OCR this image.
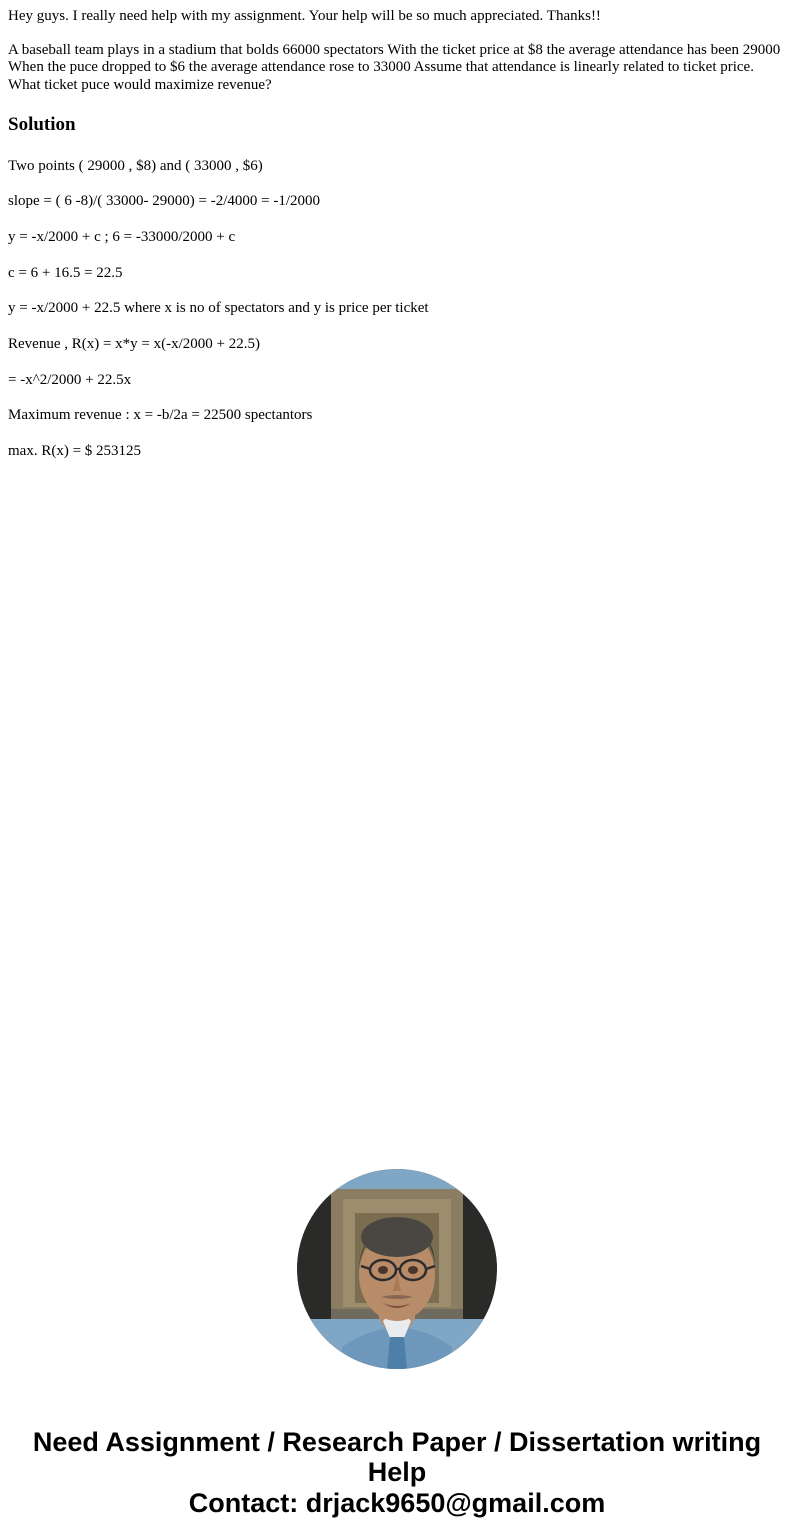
Hey guys. I really need help with my assignment. Your help will be so much appreciated. Thanks!!

A baseball team plays in a stadium that bolds 66000 spectators With the ticket price at $8 the average attendance has been 29000 When the puce dropped to $6 the average attendance rose to 33000 Assume that attendance is linearly related to ticket price. What ticket puce would maximize revenue?

Solution

Two points ( 29000 , $8) and ( 33000 , $6)

slope = ( 6 -8)/( 33000- 29000) = -2/4000 = -1/2000

y = -x/2000 + c ; 6 = -33000/2000 + c

c = 6 + 16.5 = 22.5

y = -x/2000 + 22.5 where x is no of spectators and y is price per ticket

Revenue , R(x) = x*y = x(-x/2000 + 22.5)

= -x^2/2000 + 22.5x

Maximum revenue : x = -b/2a = 22500 spectantors

max. R(x) = $ 253125

Need Assignment / Research Paper / Dissertation writing Help
Contact: drjack9650@gmail.com
